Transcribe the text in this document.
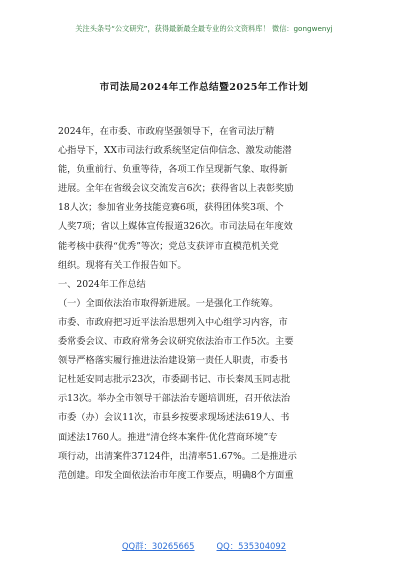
关注头条号“公文研究”，获得最新最全最专业的公文资料库！ 微信：gongwenyj
市司法局2024年工作总结暨2025年工作计划
2024年，在市委、市政府坚强领导下，在省司法厅精
心指导下，XX市司法行政系统坚定信仰信念、激发动能潜
能，负重前行、负重等待，各项工作呈现新气象、取得新
进展。全年在省级会议交流发言6次；获得省以上表彰奖励
18人次；参加省业务技能竞赛6项，获得团体奖3项、个
人奖7项；省以上媒体宣传报道326次。市司法局在年度效
能考核中获得“优秀”等次；党总支获评市直模范机关党
组织。现将有关工作报告如下。
一、2024年工作总结
（一）全面依法治市取得新进展。一是强化工作统筹。
市委、市政府把习近平法治思想列入中心组学习内容，市
委常委会议、市政府常务会议研究依法治市工作5次。主要
领导严格落实履行推进法治建设第一责任人职责，市委书
记杜延安同志批示23次，市委副书记、市长秦凤玉同志批
示13次。举办全市领导干部法治专题培训班，召开依法治
市委（办）会议11次，市县乡按要求现场述法619人、书
面述法1760人。推进“清仓终本案件·优化营商环境”专
项行动，出清案件37124件，出清率51.67%。二是推进示
范创建。印发全面依法治市年度工作要点，明确8个方面重
QQ群：30265665	QQ：535304092
